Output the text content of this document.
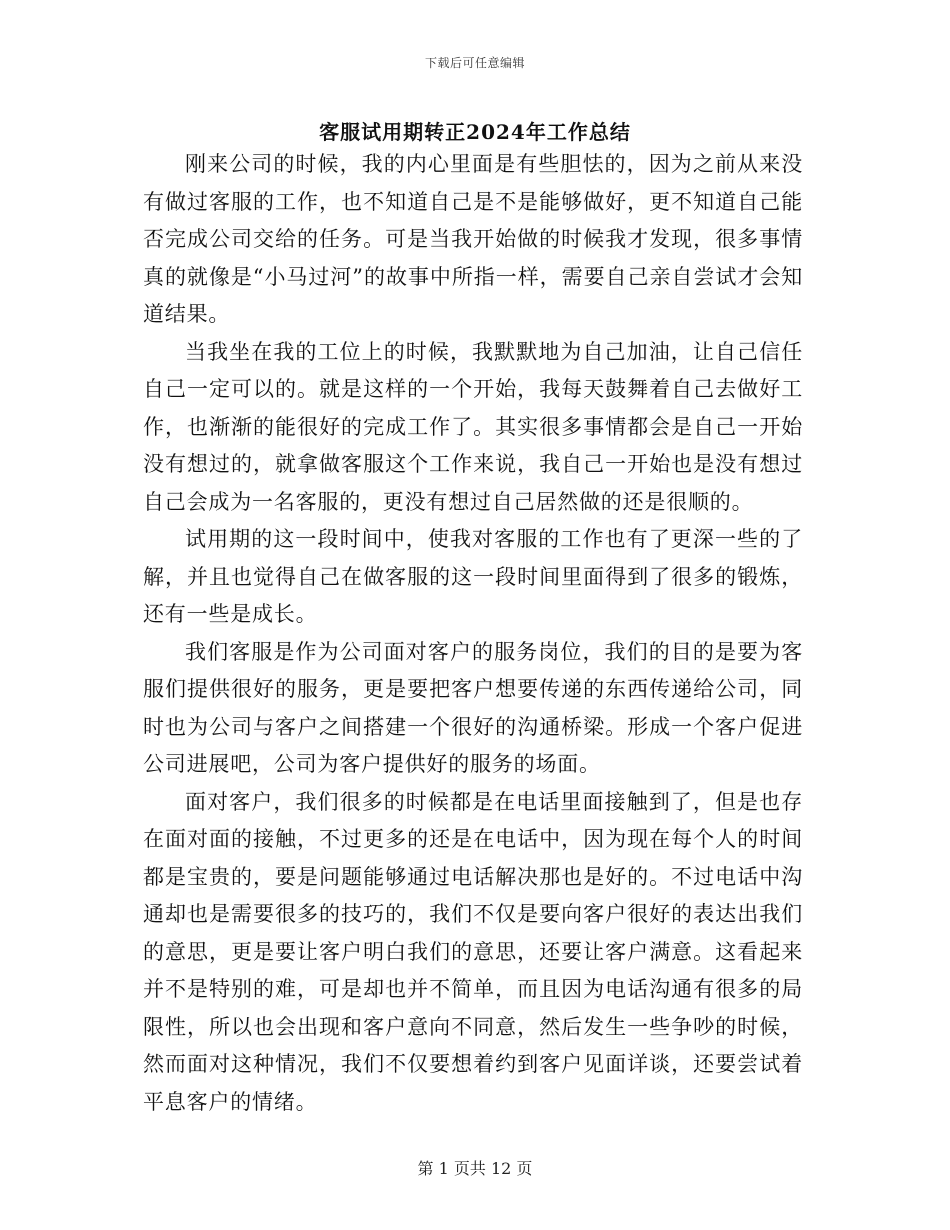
下载后可任意编辑
客服试用期转正2024年工作总结

刚来公司的时候，我的内心里面是有些胆怯的，因为之前从来没有做过客服的工作，也不知道自己是不是能够做好，更不知道自己能否完成公司交给的任务。可是当我开始做的时候我才发现，很多事情真的就像是“小马过河”的故事中所指一样，需要自己亲自尝试才会知道结果。

当我坐在我的工位上的时候，我默默地为自己加油，让自己信任自己一定可以的。就是这样的一个开始，我每天鼓舞着自己去做好工作，也渐渐的能很好的完成工作了。其实很多事情都会是自己一开始没有想过的，就拿做客服这个工作来说，我自己一开始也是没有想过自己会成为一名客服的，更没有想过自己居然做的还是很顺的。

试用期的这一段时间中，使我对客服的工作也有了更深一些的了解，并且也觉得自己在做客服的这一段时间里面得到了很多的锻炼，还有一些是成长。

我们客服是作为公司面对客户的服务岗位，我们的目的是要为客服们提供很好的服务，更是要把客户想要传递的东西传递给公司，同时也为公司与客户之间搭建一个很好的沟通桥梁。形成一个客户促进公司进展吧，公司为客户提供好的服务的场面。

面对客户，我们很多的时候都是在电话里面接触到了，但是也存在面对面的接触，不过更多的还是在电话中，因为现在每个人的时间都是宝贵的，要是问题能够通过电话解决那也是好的。不过电话中沟通却也是需要很多的技巧的，我们不仅是要向客户很好的表达出我们的意思，更是要让客户明白我们的意思，还要让客户满意。这看起来并不是特别的难，可是却也并不简单，而且因为电话沟通有很多的局限性，所以也会出现和客户意向不同意，然后发生一些争吵的时候，然而面对这种情况，我们不仅要想着约到客户见面详谈，还要尝试着平息客户的情绪。

第 1 页共 12 页
